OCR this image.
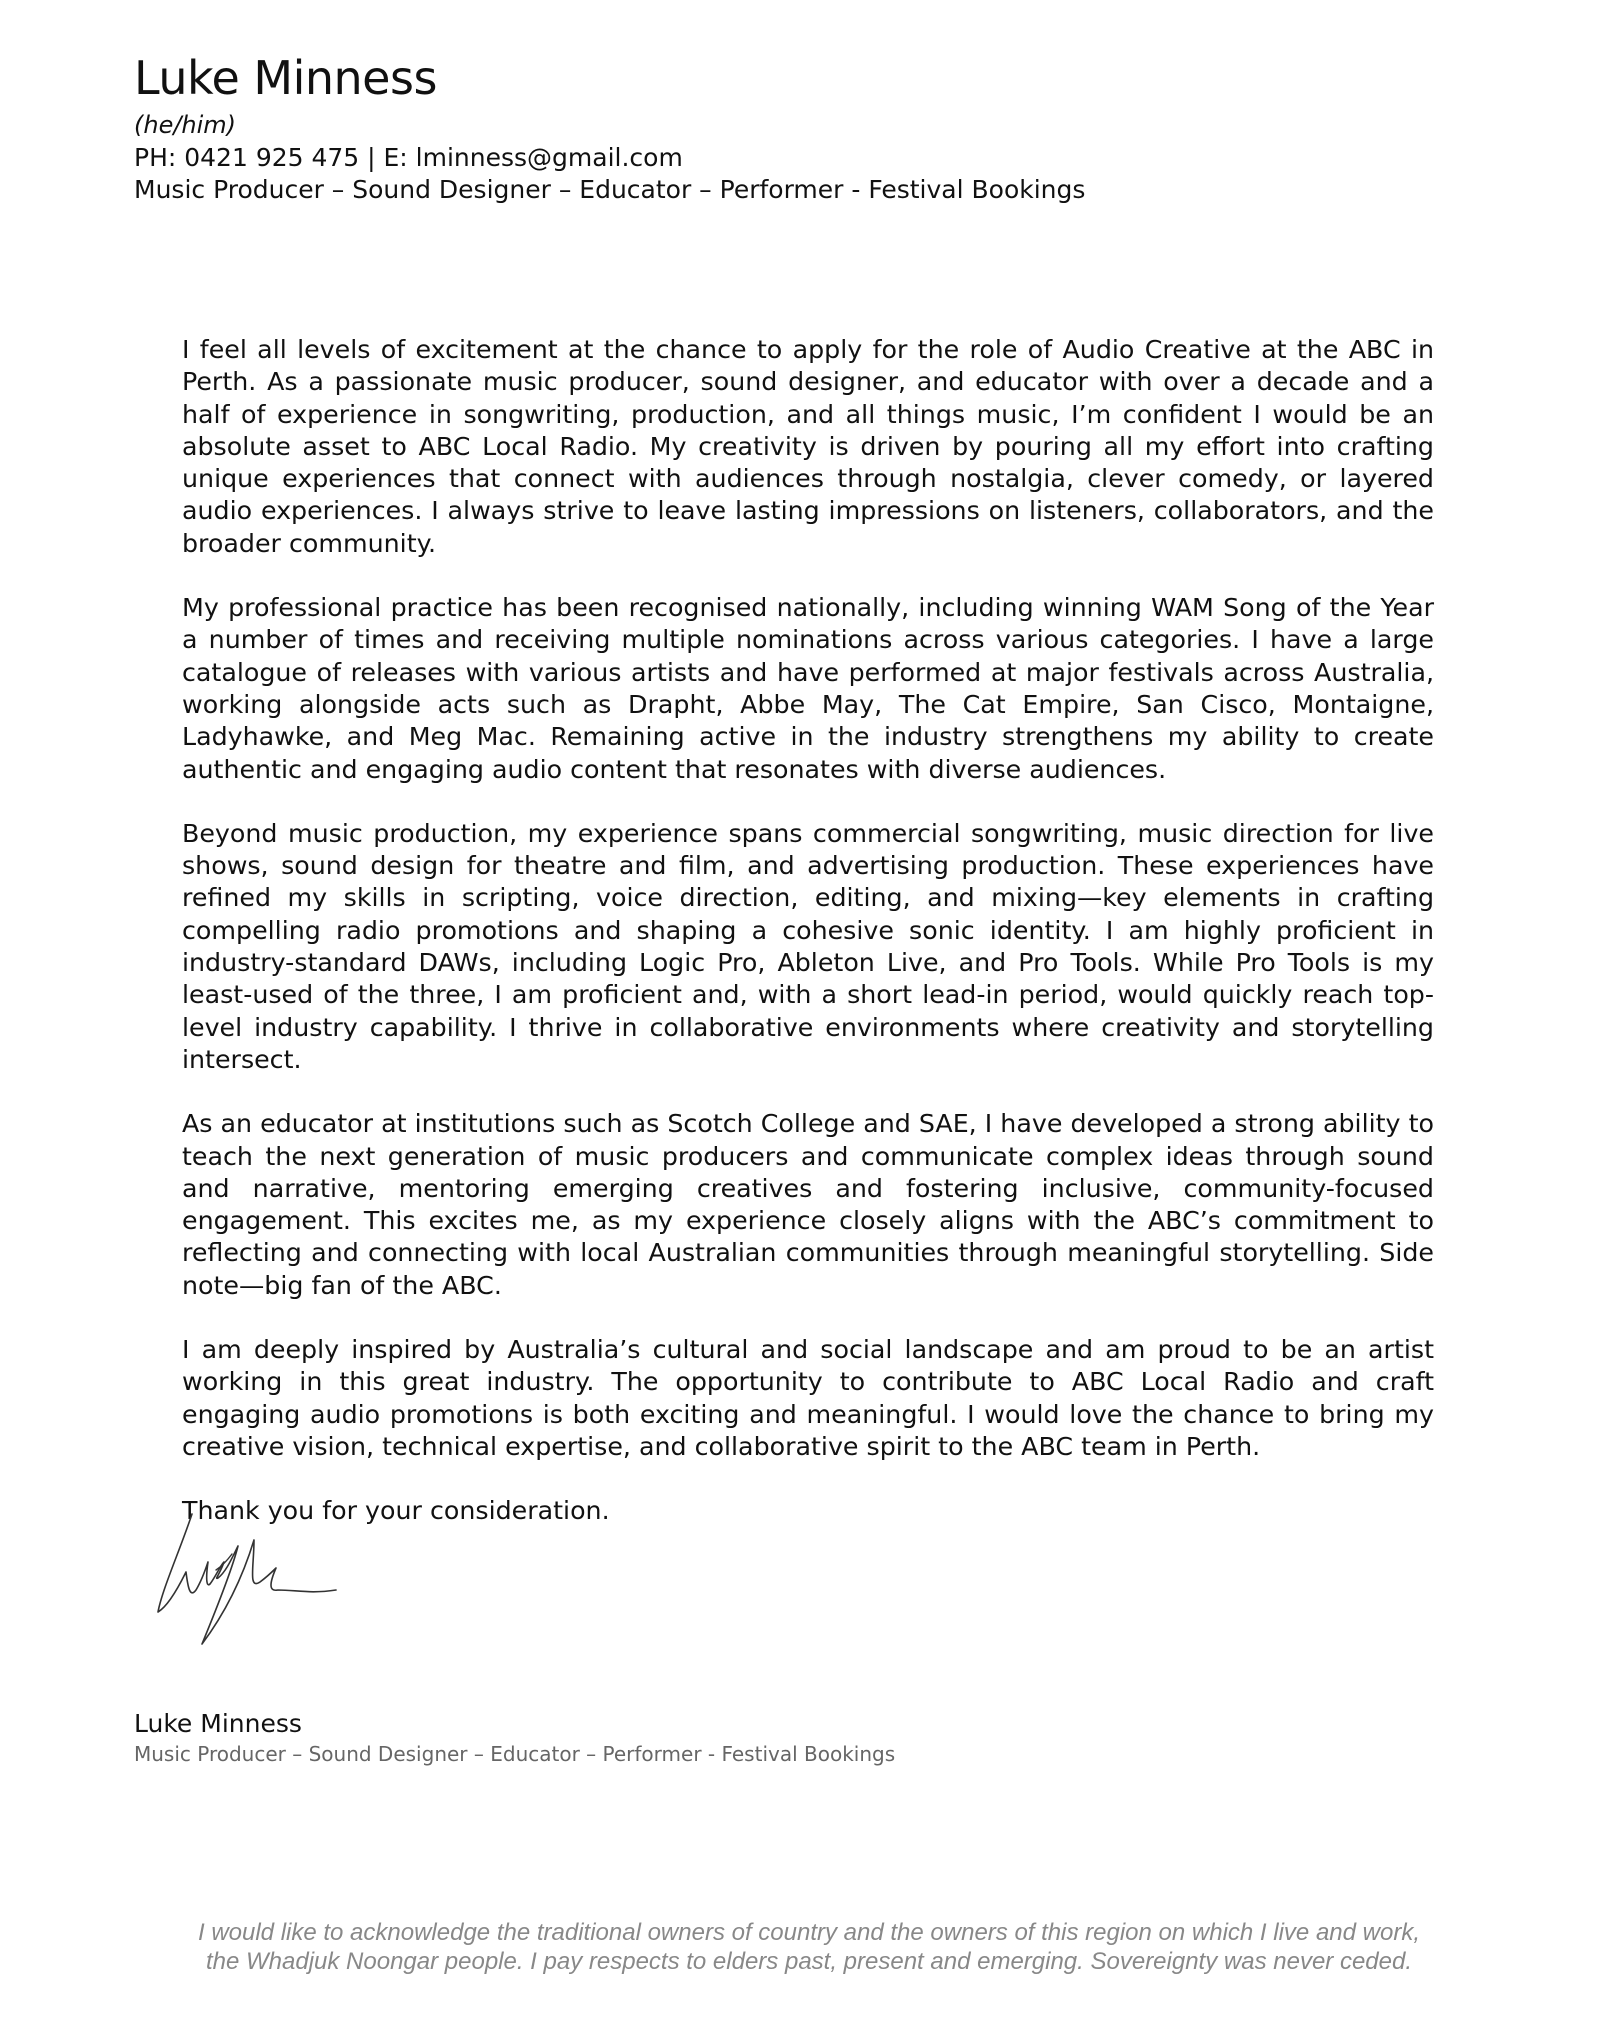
Luke Minness
(he/him)
PH: 0421 925 475 | E: lminness@gmail.com
Music Producer – Sound Designer – Educator – Performer - Festival Bookings

I feel all levels of excitement at the chance to apply for the role of Audio Creative at the ABC in Perth. As a passionate music producer, sound designer, and educator with over a decade and a half of experience in songwriting, production, and all things music, I’m confident I would be an absolute asset to ABC Local Radio. My creativity is driven by pouring all my effort into crafting unique experiences that connect with audiences through nostalgia, clever comedy, or layered audio experiences. I always strive to leave lasting impressions on listeners, collaborators, and the broader community.

My professional practice has been recognised nationally, including winning WAM Song of the Year a number of times and receiving multiple nominations across various categories. I have a large catalogue of releases with various artists and have performed at major festivals across Australia, working alongside acts such as Drapht, Abbe May, The Cat Empire, San Cisco, Montaigne, Ladyhawke, and Meg Mac. Remaining active in the industry strengthens my ability to create authentic and engaging audio content that resonates with diverse audiences.

Beyond music production, my experience spans commercial songwriting, music direction for live shows, sound design for theatre and film, and advertising production. These experiences have refined my skills in scripting, voice direction, editing, and mixing—key elements in crafting compelling radio promotions and shaping a cohesive sonic identity. I am highly proficient in industry-standard DAWs, including Logic Pro, Ableton Live, and Pro Tools. While Pro Tools is my least-used of the three, I am proficient and, with a short lead-in period, would quickly reach top-level industry capability. I thrive in collaborative environments where creativity and storytelling intersect.

As an educator at institutions such as Scotch College and SAE, I have developed a strong ability to teach the next generation of music producers and communicate complex ideas through sound and narrative, mentoring emerging creatives and fostering inclusive, community-focused engagement. This excites me, as my experience closely aligns with the ABC’s commitment to reflecting and connecting with local Australian communities through meaningful storytelling. Side note—big fan of the ABC.

I am deeply inspired by Australia’s cultural and social landscape and am proud to be an artist working in this great industry. The opportunity to contribute to ABC Local Radio and craft engaging audio promotions is both exciting and meaningful. I would love the chance to bring my creative vision, technical expertise, and collaborative spirit to the ABC team in Perth.

Thank you for your consideration.

Luke Minness
Music Producer – Sound Designer – Educator – Performer - Festival Bookings
I would like to acknowledge the traditional owners of country and the owners of this region on which I live and work,
the Whadjuk Noongar people. I pay respects to elders past, present and emerging. Sovereignty was never ceded.
